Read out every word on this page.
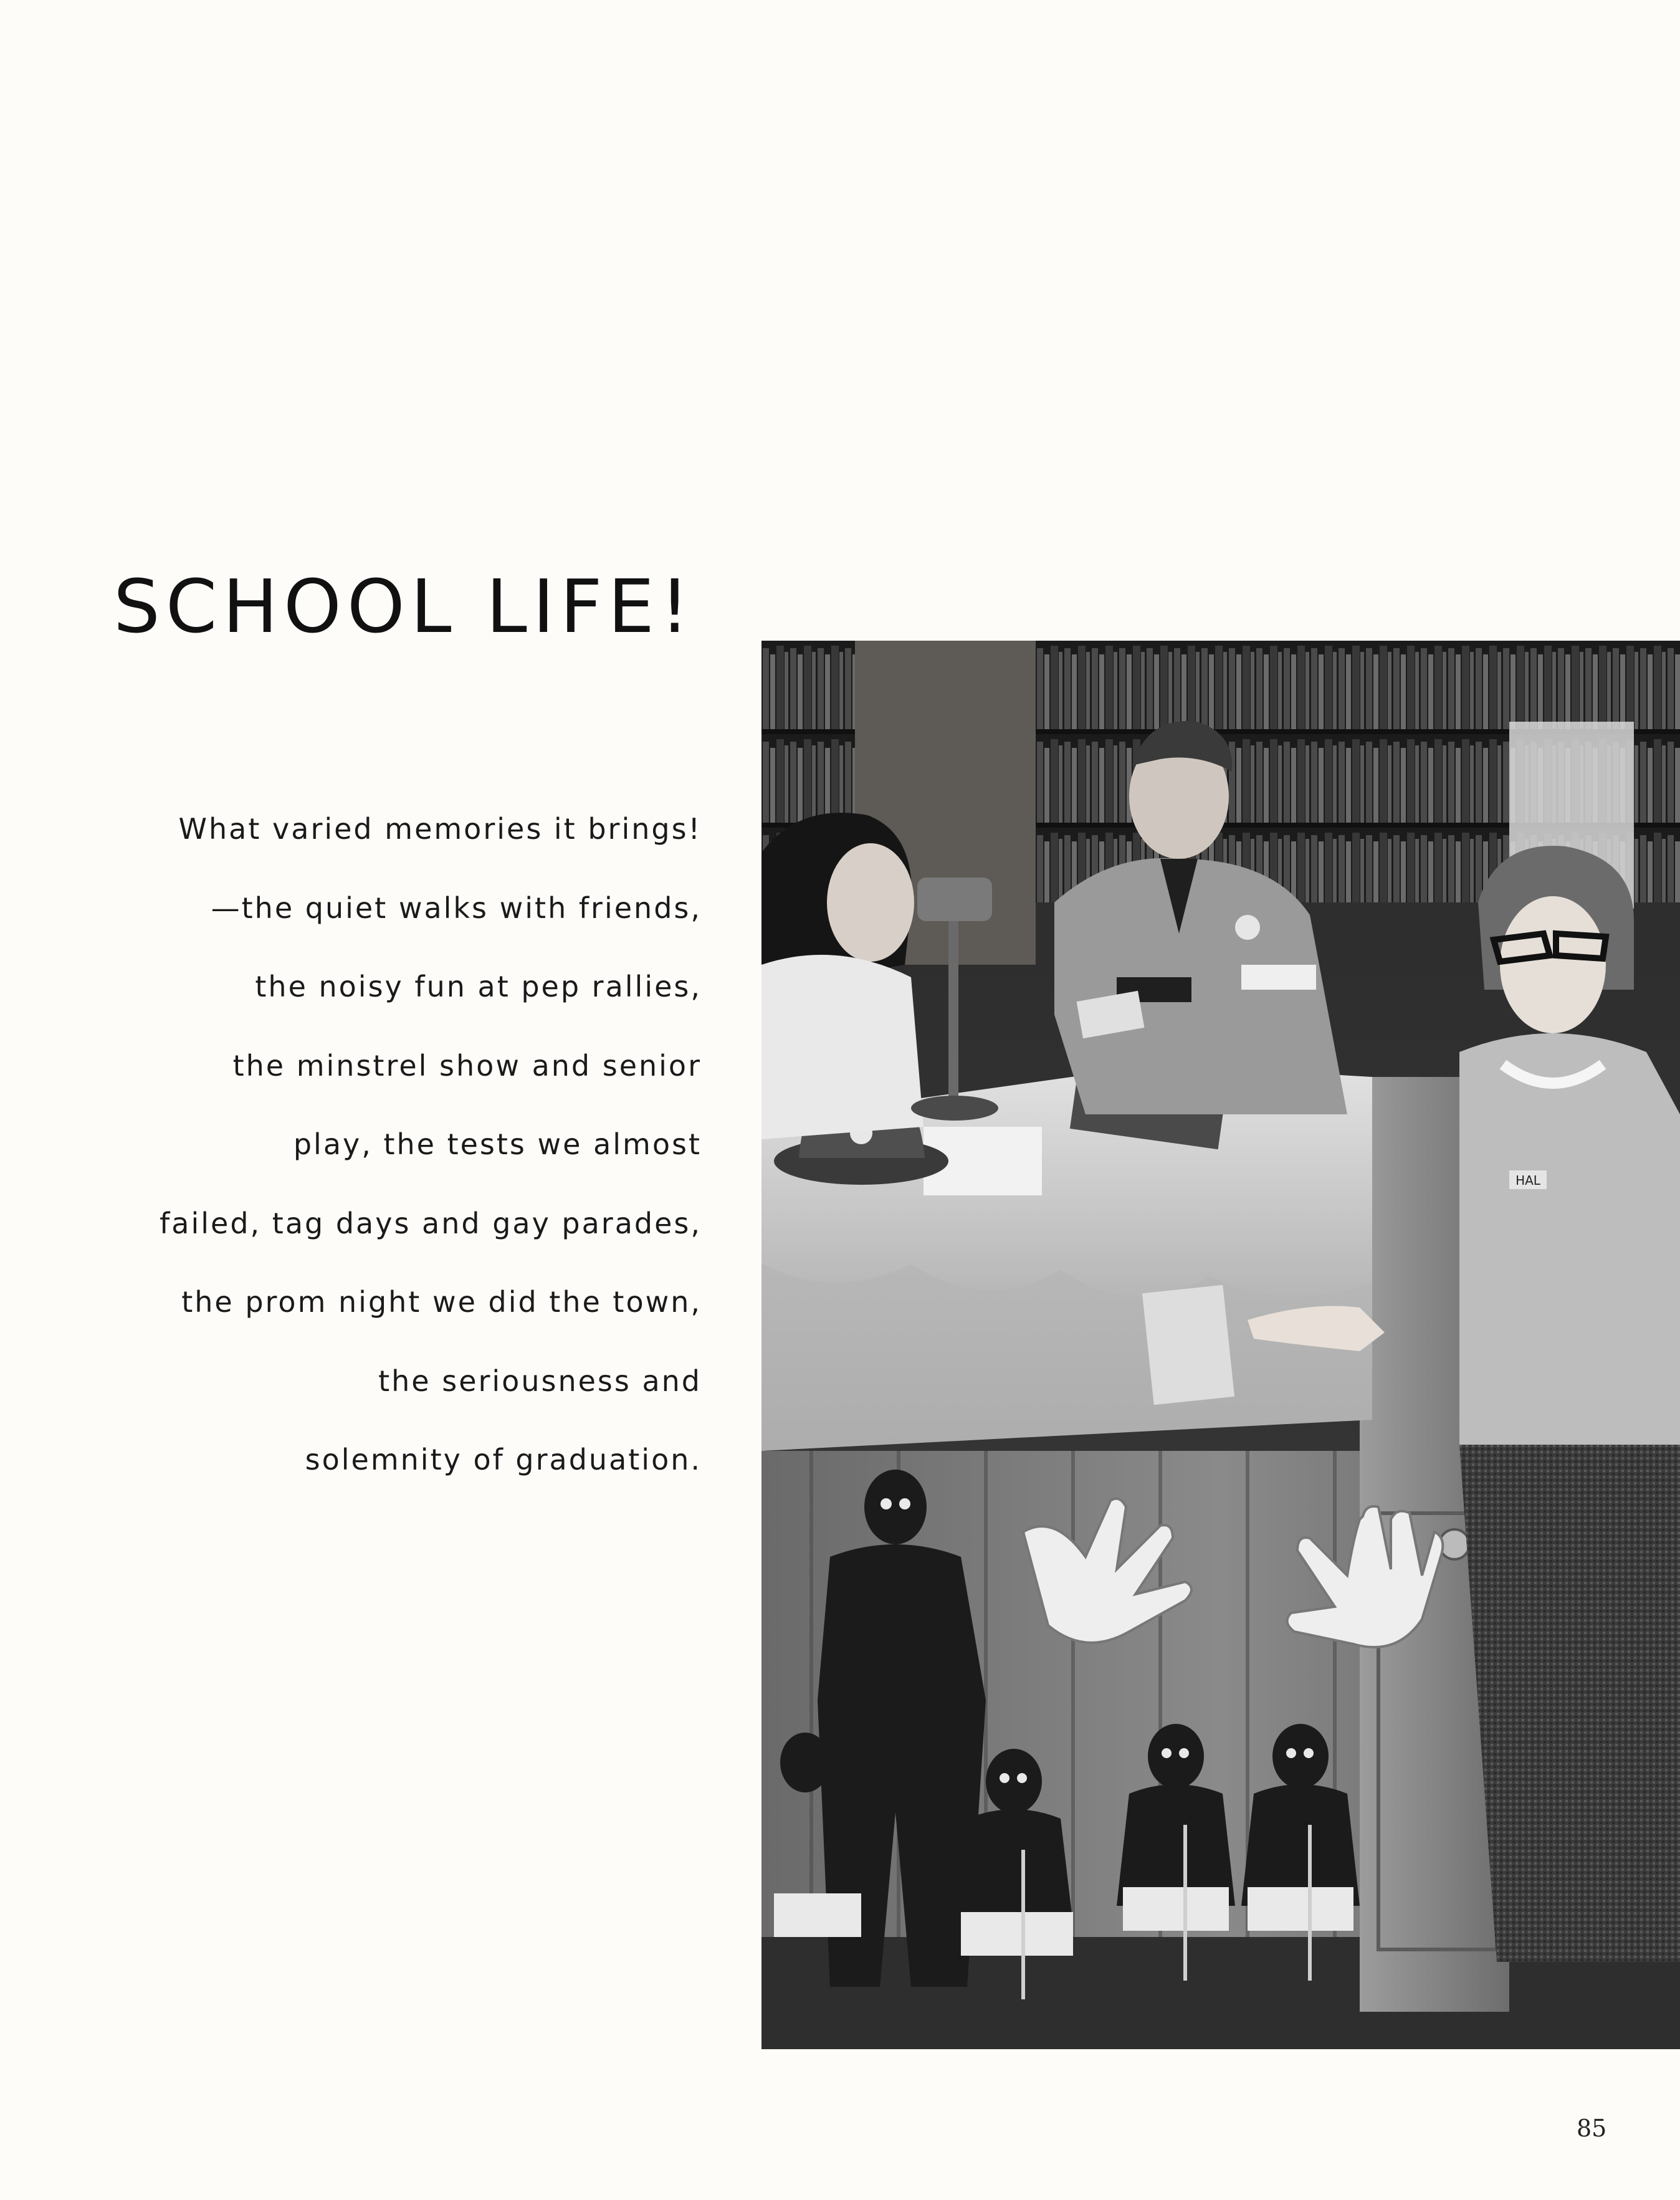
SCHOOL LIFE!
What varied memories it brings!
—the quiet walks with friends,
the noisy fun at pep rallies,
the minstrel show and senior
play, the tests we almost
failed, tag days and gay parades,
the prom night we did the town,
the seriousness and
solemnity of graduation.
HAL
85
